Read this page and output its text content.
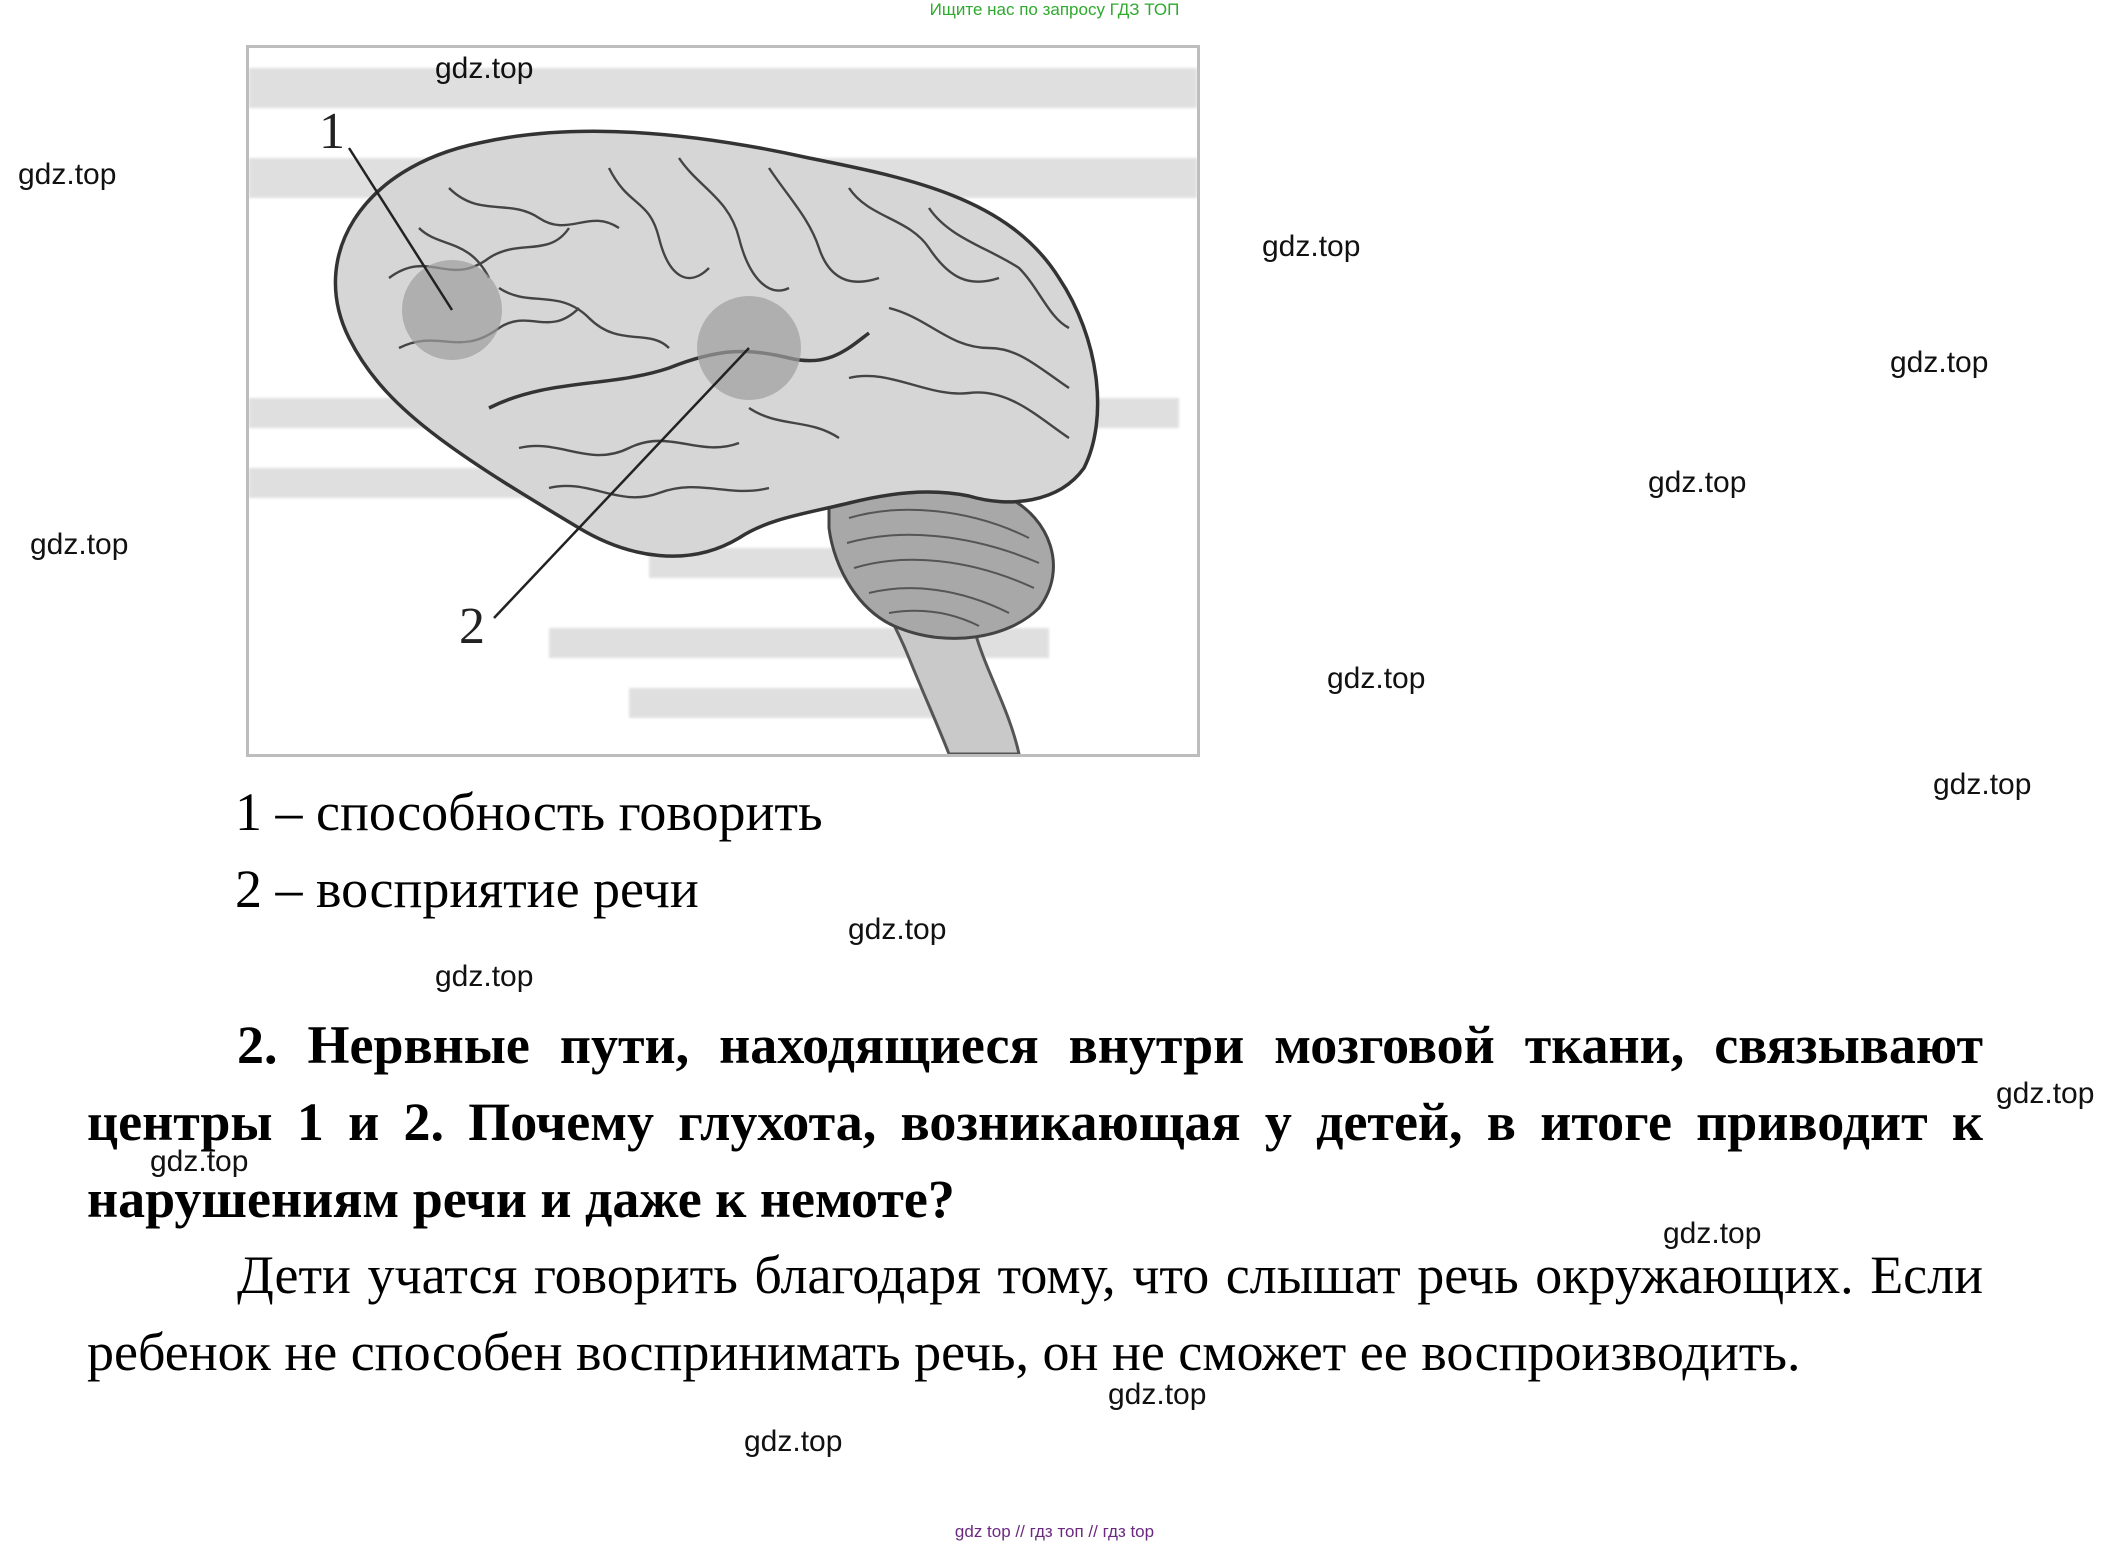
Ищите нас по запросу ГДЗ ТОП
1
2
1 – способность говорить
2 – восприятие речи
2. Нервные пути, находящиеся внутри мозговой ткани, связывают центры 1 и 2. Почему глухота, возникающая у детей, в итоге приводит к нарушениям речи и даже к немоте?
Дети учатся говорить благодаря тому, что слышат речь окружающих. Если ребенок не способен воспринимать речь, он не сможет ее воспроизводить.
gdz.top
gdz.top
gdz.top
gdz.top
gdz.top
gdz.top
gdz.top
gdz.top
gdz.top
gdz.top
gdz.top
gdz.top
gdz.top
gdz.top
gdz.top
gdz top // гдз топ // гдз top
